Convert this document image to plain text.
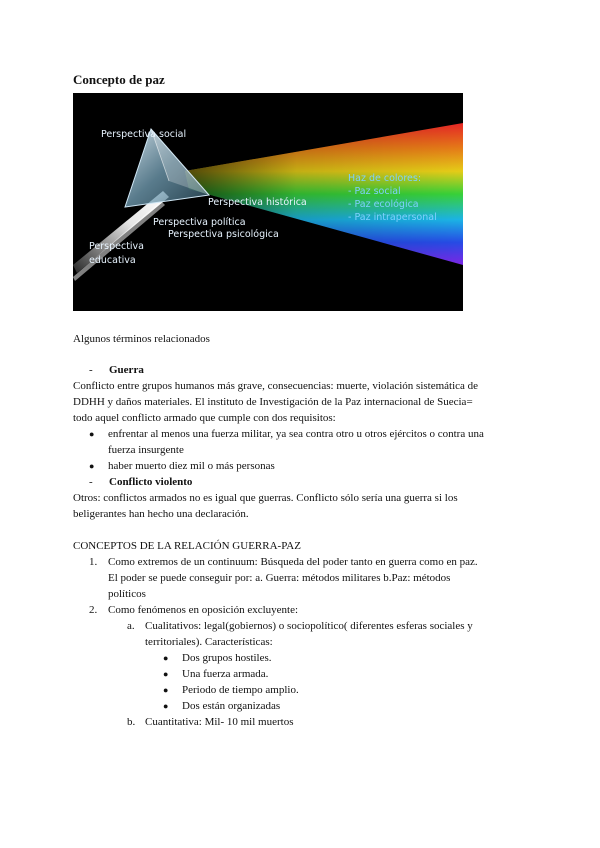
Concepto de paz
Perspectiva social
Perspectiva histórica
Perspectiva política
Perspectiva psicológica
Perspectiva
educativa
Haz de colores:
- Paz social
- Paz ecológica
- Paz intrapersonal
Algunos términos relacionados
- Guerra
Conflicto entre grupos humanos más grave, consecuencias: muerte, violación sistemática de
DDHH y daños materiales. El instituto de Investigación de la Paz internacional de Suecia=
todo aquel conflicto armado que cumple con dos requisitos:
● enfrentar al menos una fuerza militar, ya sea contra otro u otros ejércitos o contra una
fuerza insurgente
● haber muerto diez mil o más personas
- Conflicto violento
Otros: conflictos armados no es igual que guerras. Conflicto sólo sería una guerra si los
beligerantes han hecho una declaración.
CONCEPTOS DE LA RELACIÓN GUERRA-PAZ
1. Como extremos de un continuum: Búsqueda del poder tanto en guerra como en paz.
El poder se puede conseguir por: a. Guerra: métodos militares b.Paz: métodos
políticos
2. Como fenómenos en oposición excluyente:
a. Cualitativos: legal(gobiernos) o sociopolítico( diferentes esferas sociales y
territoriales). Características:
● Dos grupos hostiles.
● Una fuerza armada.
● Periodo de tiempo amplio.
● Dos están organizadas
b. Cuantitativa: Mil- 10 mil muertos
